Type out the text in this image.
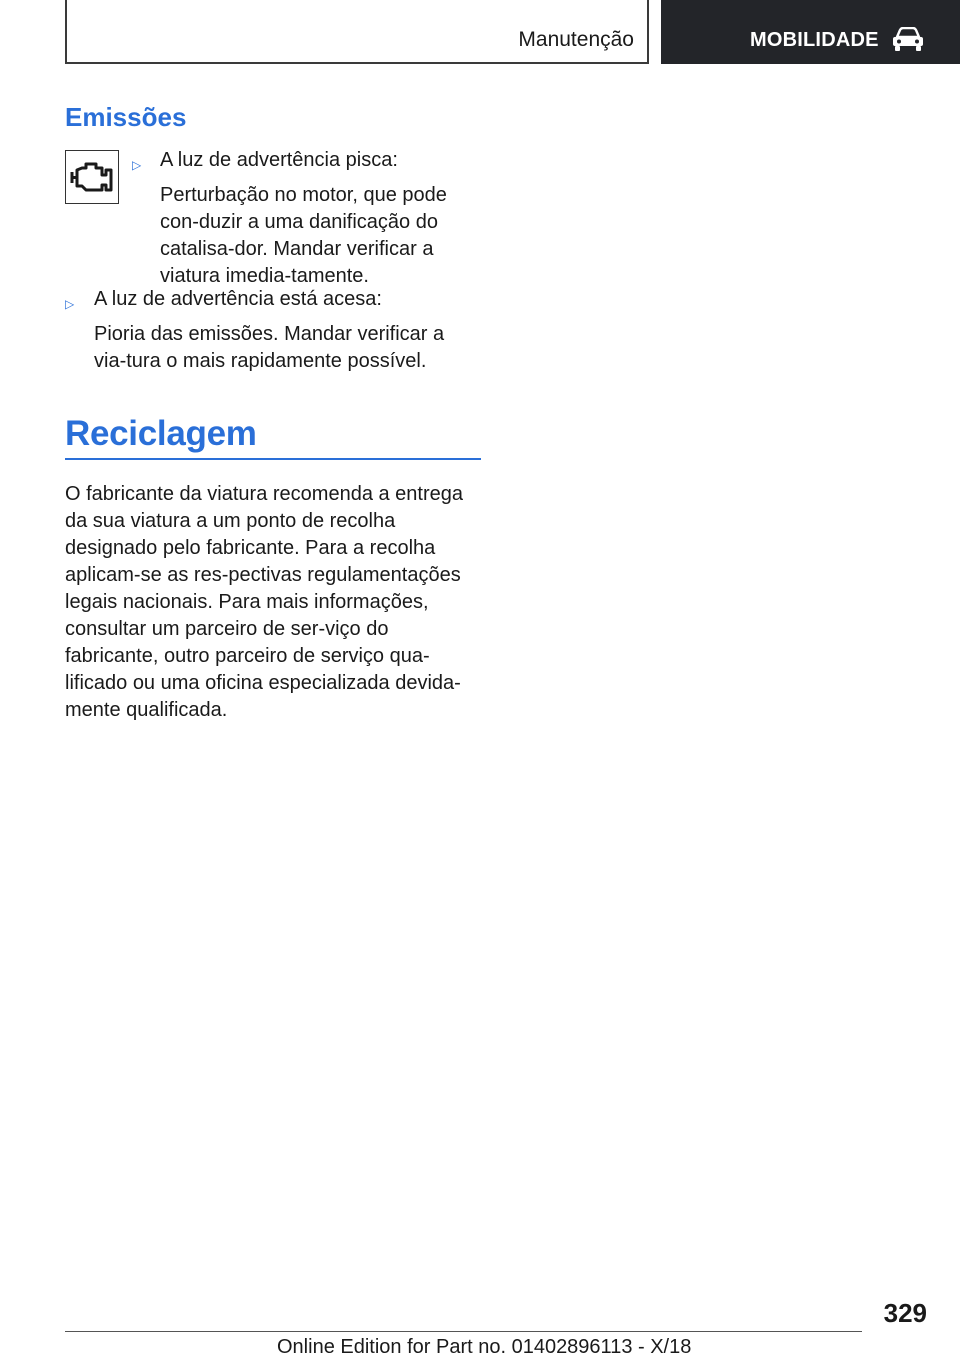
Manutenção	MOBILIDADE
Emissões
▷ A luz de advertência pisca:
Perturbação no motor, que pode con-duzir a uma danificação do catalisa-dor. Mandar verificar a viatura imedia-tamente.
▷ A luz de advertência está acesa:
Pioria das emissões. Mandar verificar a via-tura o mais rapidamente possível.
Reciclagem

O fabricante da viatura recomenda a entrega da sua viatura a um ponto de recolha designado pelo fabricante. Para a recolha aplicam-se as res-pectivas regulamentações legais nacionais. Para mais informações, consultar um parceiro de ser-viço do fabricante, outro parceiro de serviço qua-lificado ou uma oficina especializada devida-mente qualificada.

329
Online Edition for Part no. 01402896113 - X/18
